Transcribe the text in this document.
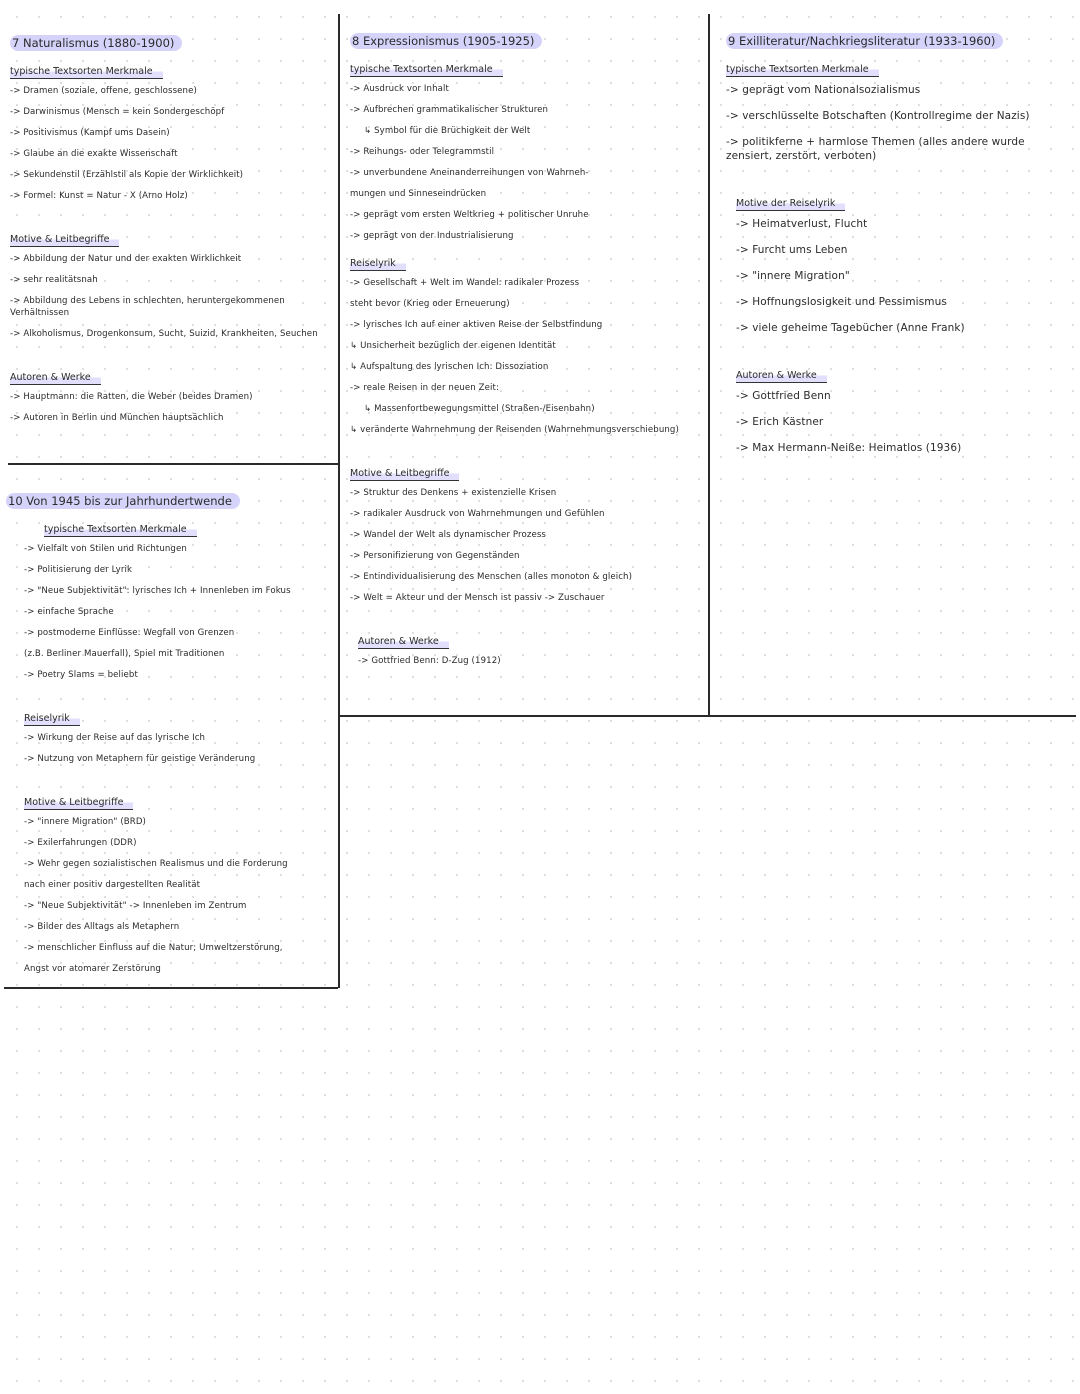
7 Naturalismus (1880-1900)
typische Textsorten Merkmale
-> Dramen (soziale, offene, geschlossene)
-> Darwinismus (Mensch = kein Sondergeschöpf
-> Positivismus (Kampf ums Dasein)
-> Glaube an die exakte Wissenschaft
-> Sekundenstil (Erzählstil als Kopie der Wirklichkeit)
-> Formel: Kunst = Natur - X (Arno Holz)
Motive & Leitbegriffe
-> Abbildung der Natur und der exakten Wirklichkeit
-> sehr realitätsnah
-> Abbildung des Lebens in schlechten, heruntergekommenen Verhältnissen
-> Alkoholismus, Drogenkonsum, Sucht, Suizid, Krankheiten, Seuchen
Autoren & Werke
-> Hauptmann: die Ratten, die Weber (beides Dramen)
-> Autoren in Berlin und München hauptsächlich
10 Von 1945 bis zur Jahrhundertwende

typische Textsorten Merkmale
-> Vielfalt von Stilen und Richtungen
-> Politisierung der Lyrik
-> "Neue Subjektivität": lyrisches Ich + Innenleben im Fokus
-> einfache Sprache
-> postmoderne Einflüsse: Wegfall von Grenzen
(z.B. Berliner Mauerfall), Spiel mit Traditionen
-> Poetry Slams = beliebt
Reiselyrik
-> Wirkung der Reise auf das lyrische Ich
-> Nutzung von Metaphern für geistige Veränderung
Motive & Leitbegriffe
-> "innere Migration" (BRD)
-> Exilerfahrungen (DDR)
-> Wehr gegen sozialistischen Realismus und die Forderung
nach einer positiv dargestellten Realität
-> "Neue Subjektivität" -> Innenleben im Zentrum
-> Bilder des Alltags als Metaphern
-> menschlicher Einfluss auf die Natur; Umweltzerstörung,
Angst vor atomarer Zerstörung
8 Expressionismus (1905-1925)
typische Textsorten Merkmale
-> Ausdruck vor Inhalt
-> Aufbrechen grammatikalischer Strukturen
↳ Symbol für die Brüchigkeit der Welt
-> Reihungs- oder Telegrammstil
-> unverbundene Aneinanderreihungen von Wahrneh-
mungen und Sinneseindrücken
-> geprägt vom ersten Weltkrieg + politischer Unruhe
-> geprägt von der Industrialisierung
Reiselyrik
-> Gesellschaft + Welt im Wandel: radikaler Prozess
steht bevor (Krieg oder Erneuerung)
-> lyrisches Ich auf einer aktiven Reise der Selbstfindung
↳ Unsicherheit bezüglich der eigenen Identität
↳ Aufspaltung des lyrischen Ich: Dissoziation
-> reale Reisen in der neuen Zeit:
↳ Massenfortbewegungsmittel (Straßen-/Eisenbahn)
↳ veränderte Wahrnehmung der Reisenden (Wahrnehmungsverschiebung)
Motive & Leitbegriffe
-> Struktur des Denkens + existenzielle Krisen
-> radikaler Ausdruck von Wahrnehmungen und Gefühlen
-> Wandel der Welt als dynamischer Prozess
-> Personifizierung von Gegenständen
-> Entindividualisierung des Menschen (alles monoton & gleich)
-> Welt = Akteur und der Mensch ist passiv -> Zuschauer
Autoren & Werke
-> Gottfried Benn: D-Zug (1912)
9 Exilliteratur/Nachkriegsliteratur (1933-1960)
typische Textsorten Merkmale
-> geprägt vom Nationalsozialismus
-> verschlüsselte Botschaften (Kontrollregime der Nazis)
-> politikferne + harmlose Themen (alles andere wurde zensiert, zerstört, verboten)
Motive der Reiselyrik
-> Heimatverlust, Flucht
-> Furcht ums Leben
-> "innere Migration"
-> Hoffnungslosigkeit und Pessimismus
-> viele geheime Tagebücher (Anne Frank)
Autoren & Werke
-> Gottfried Benn
-> Erich Kästner
-> Max Hermann-Neiße: Heimatlos (1936)
